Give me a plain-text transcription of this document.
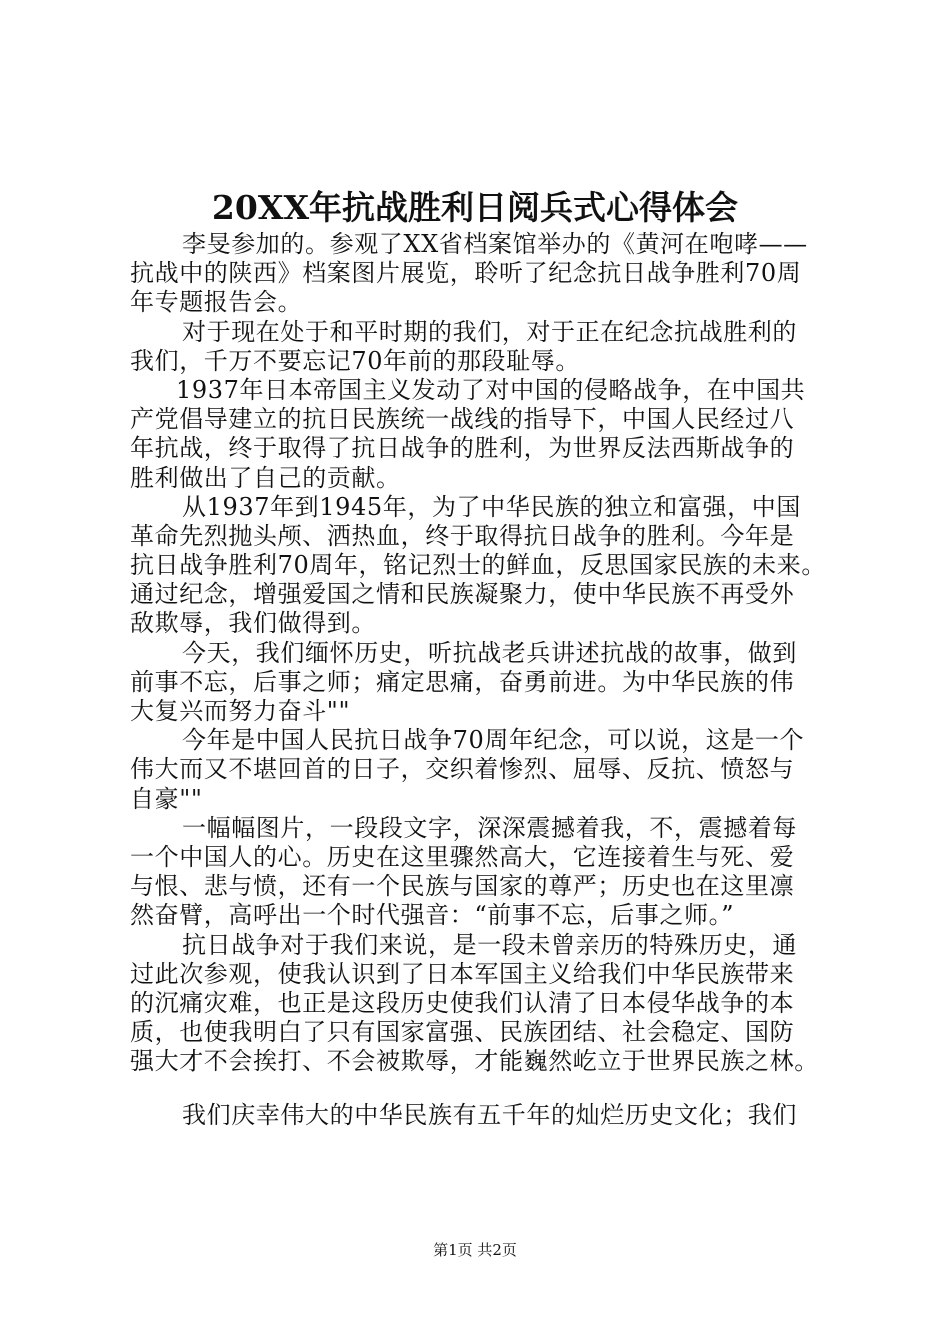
20XX年抗战胜利日阅兵式心得体会
李旻参加的。参观了XX省档案馆举办的《黄河在咆哮——
抗战中的陕西》档案图片展览，聆听了纪念抗日战争胜利70周
年专题报告会。
对于现在处于和平时期的我们，对于正在纪念抗战胜利的
我们，千万不要忘记70年前的那段耻辱。
1937年日本帝国主义发动了对中国的侵略战争，在中国共
产党倡导建立的抗日民族统一战线的指导下，中国人民经过八
年抗战，终于取得了抗日战争的胜利，为世界反法西斯战争的
胜利做出了自己的贡献。
从1937年到1945年，为了中华民族的独立和富强，中国
革命先烈抛头颅、洒热血，终于取得抗日战争的胜利。今年是
抗日战争胜利70周年，铭记烈士的鲜血，反思国家民族的未来。
通过纪念，增强爱国之情和民族凝聚力，使中华民族不再受外
敌欺辱，我们做得到。
今天，我们缅怀历史，听抗战老兵讲述抗战的故事，做到
前事不忘，后事之师；痛定思痛，奋勇前进。为中华民族的伟
大复兴而努力奋斗""
今年是中国人民抗日战争70周年纪念，可以说，这是一个
伟大而又不堪回首的日子，交织着惨烈、屈辱、反抗、愤怒与
自豪""
一幅幅图片，一段段文字，深深震撼着我，不，震撼着每
一个中国人的心。历史在这里骤然高大，它连接着生与死、爱
与恨、悲与愤，还有一个民族与国家的尊严；历史也在这里凛
然奋臂，高呼出一个时代强音：“前事不忘，后事之师。”
抗日战争对于我们来说，是一段未曾亲历的特殊历史，通
过此次参观，使我认识到了日本军国主义给我们中华民族带来
的沉痛灾难，也正是这段历史使我们认清了日本侵华战争的本
质，也使我明白了只有国家富强、民族团结、社会稳定、国防
强大才不会挨打、不会被欺辱，才能巍然屹立于世界民族之林。
我们庆幸伟大的中华民族有五千年的灿烂历史文化；我们
第1页 共2页
